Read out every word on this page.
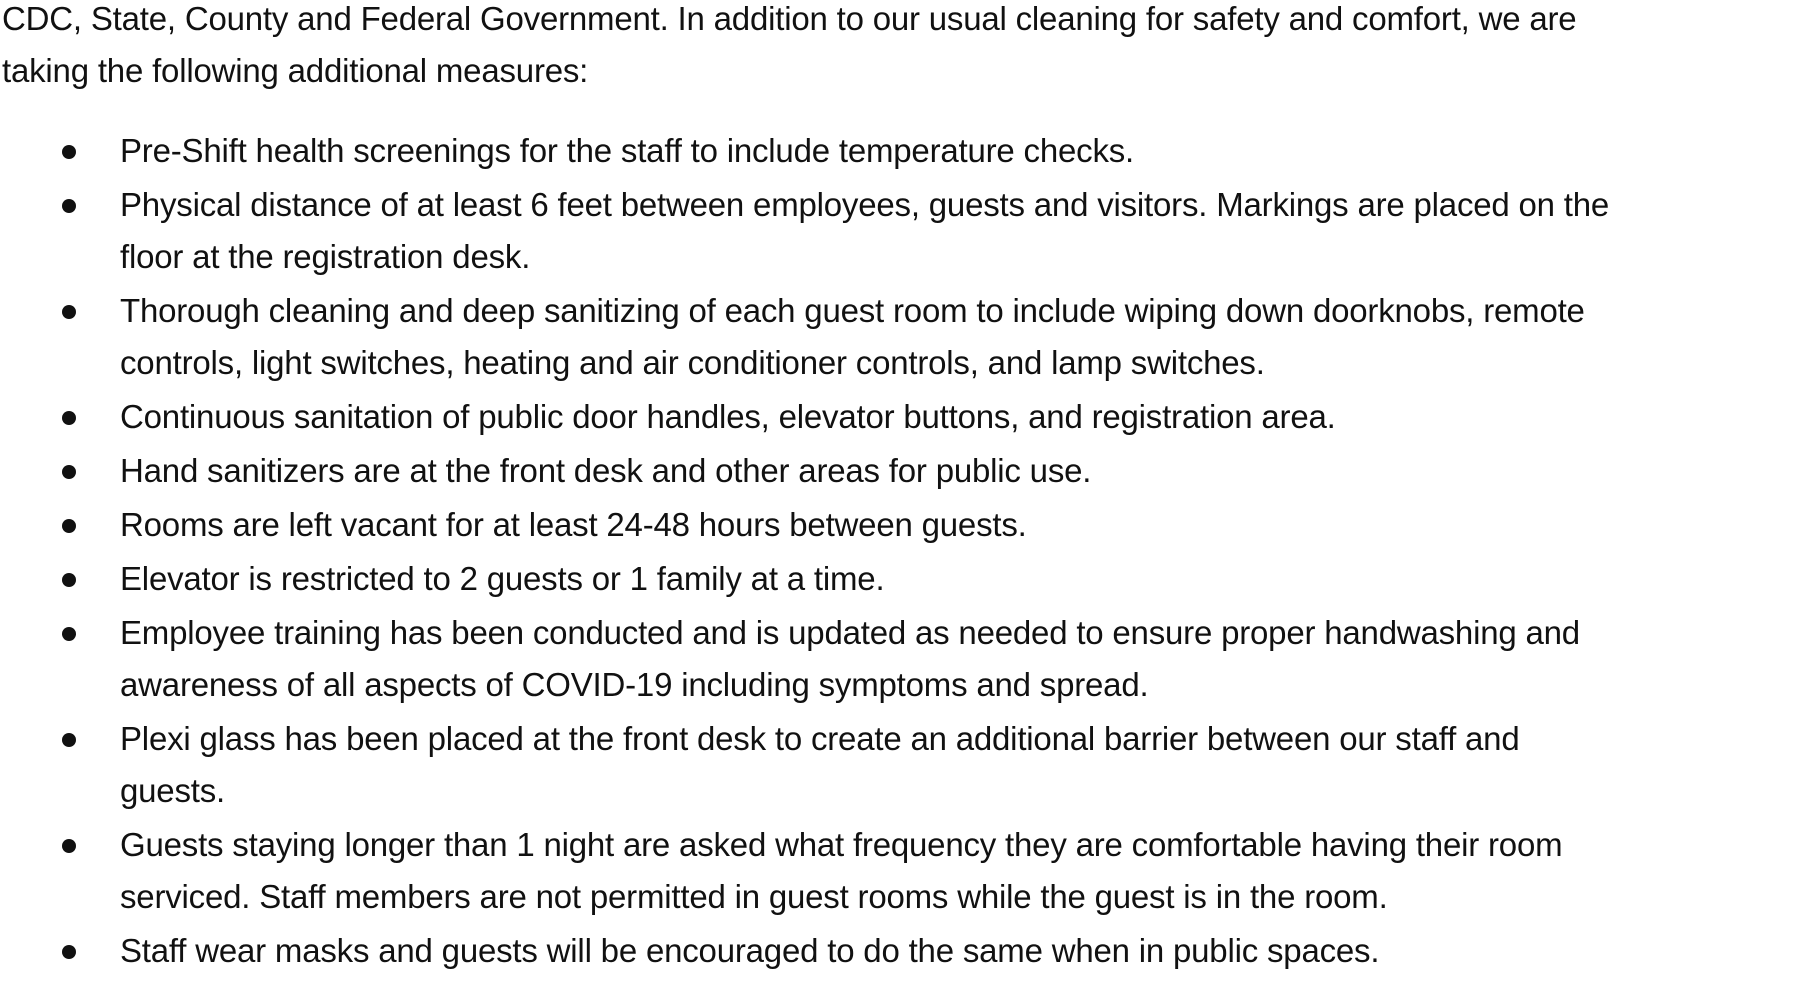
CDC, State, County and Federal Government. In addition to our usual cleaning for safety and comfort, we are
taking the following additional measures:

Pre-Shift health screenings for the staff to include temperature checks.
Physical distance of at least 6 feet between employees, guests and visitors. Markings are placed on the
floor at the registration desk.
Thorough cleaning and deep sanitizing of each guest room to include wiping down doorknobs, remote
controls, light switches, heating and air conditioner controls, and lamp switches.
Continuous sanitation of public door handles, elevator buttons, and registration area.
Hand sanitizers are at the front desk and other areas for public use.
Rooms are left vacant for at least 24-48 hours between guests.
Elevator is restricted to 2 guests or 1 family at a time.
Employee training has been conducted and is updated as needed to ensure proper handwashing and
awareness of all aspects of COVID-19 including symptoms and spread.
Plexi glass has been placed at the front desk to create an additional barrier between our staff and
guests.
Guests staying longer than 1 night are asked what frequency they are comfortable having their room
serviced. Staff members are not permitted in guest rooms while the guest is in the room.
Staff wear masks and guests will be encouraged to do the same when in public spaces.
